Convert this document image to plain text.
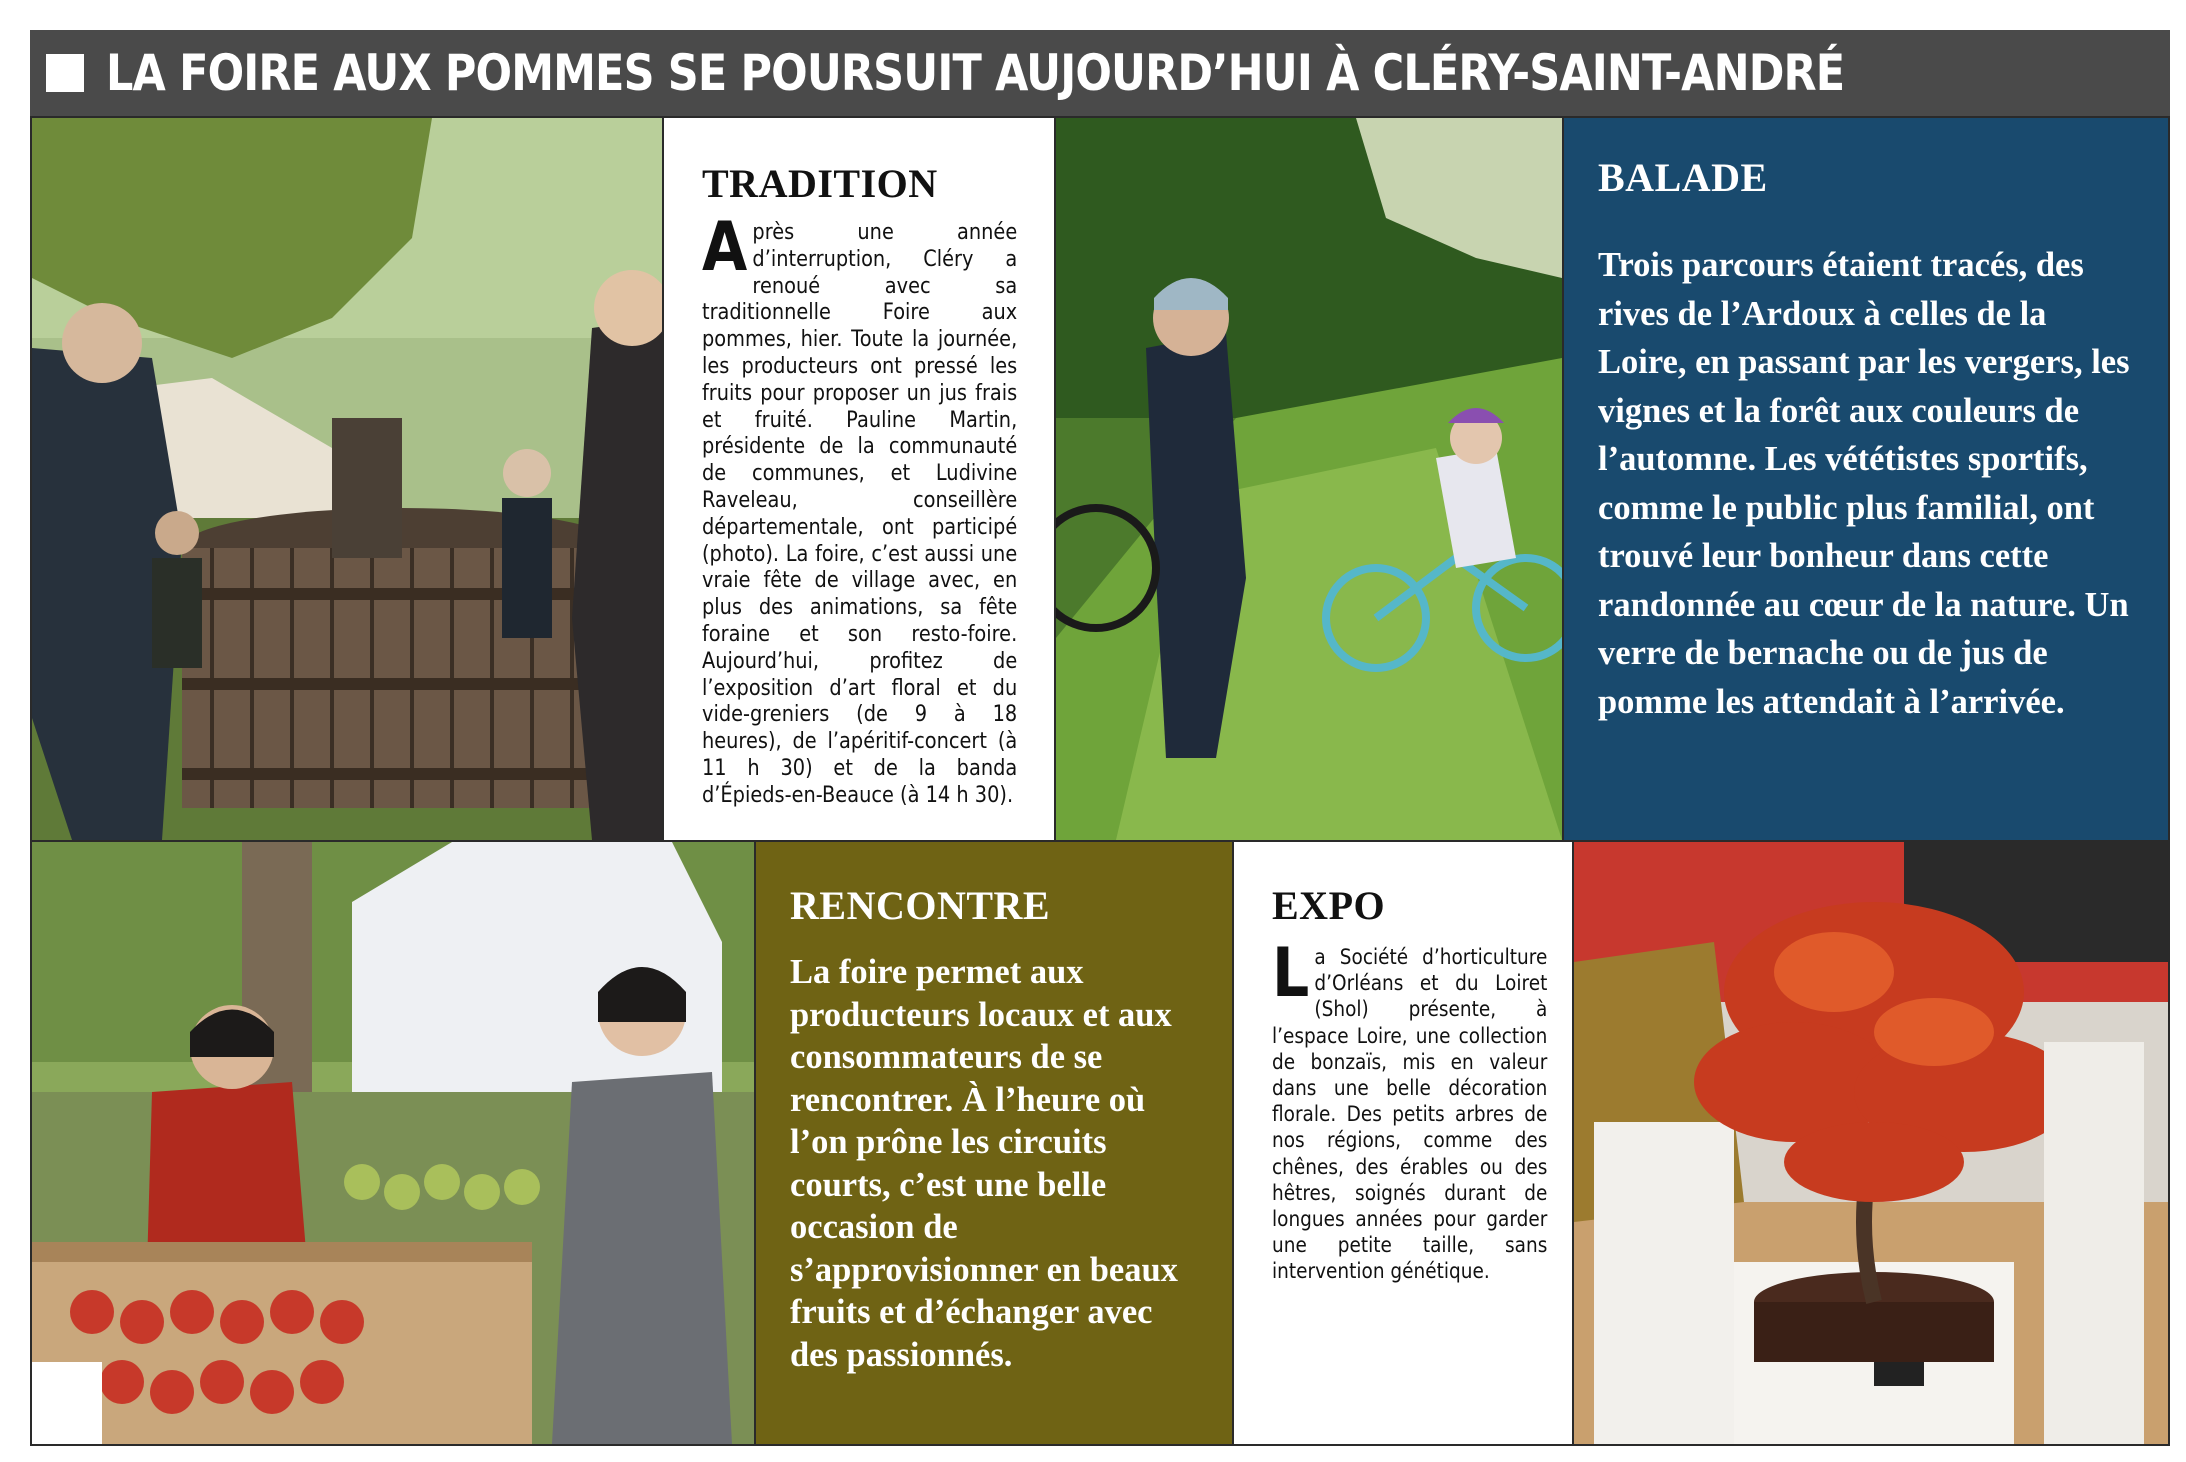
LA FOIRE AUX POMMES SE POURSUIT AUJOURD’HUI À CLÉRY-SAINT-ANDRÉ
TRADITION
Après une année d’interruption, Cléry a renoué avec sa traditionnelle Foire aux pommes, hier. Toute la journée, les producteurs ont pressé les fruits pour proposer un jus frais et fruité. Pauline Martin, présidente de la communauté de communes, et Ludivine Raveleau, conseillère départementale, ont participé (photo). La foire, c’est aussi une vraie fête de village avec, en plus des animations, sa fête foraine et son resto-foire. Aujourd’hui, profitez de l’exposition d’art floral et du vide-greniers (de 9 à 18 heures), de l’apéritif-concert (à 11 h 30) et de la banda d’Épieds-en-Beauce (à 14 h 30).
BALADE
Trois parcours étaient tracés, des rives de l’Ardoux à celles de la Loire, en passant par les vergers, les vignes et la forêt aux couleurs de l’automne. Les vététistes sportifs, comme le public plus familial, ont trouvé leur bonheur dans cette randonnée au cœur de la nature. Un verre de bernache ou de jus de pomme les attendait à l’arrivée.
RENCONTRE
La foire permet aux producteurs locaux et aux consommateurs de se rencontrer. À l’heure où l’on prône les circuits courts, c’est une belle occasion de s’approvisionner en beaux fruits et d’échanger avec des passionnés.
EXPO
La Société d’horticulture d’Orléans et du Loiret (Shol) présente, à l’espace Loire, une collection de bonzaïs, mis en valeur dans une belle décoration florale. Des petits arbres de nos régions, comme des chênes, des érables ou des hêtres, soignés durant de longues années pour garder une petite taille, sans intervention génétique.
